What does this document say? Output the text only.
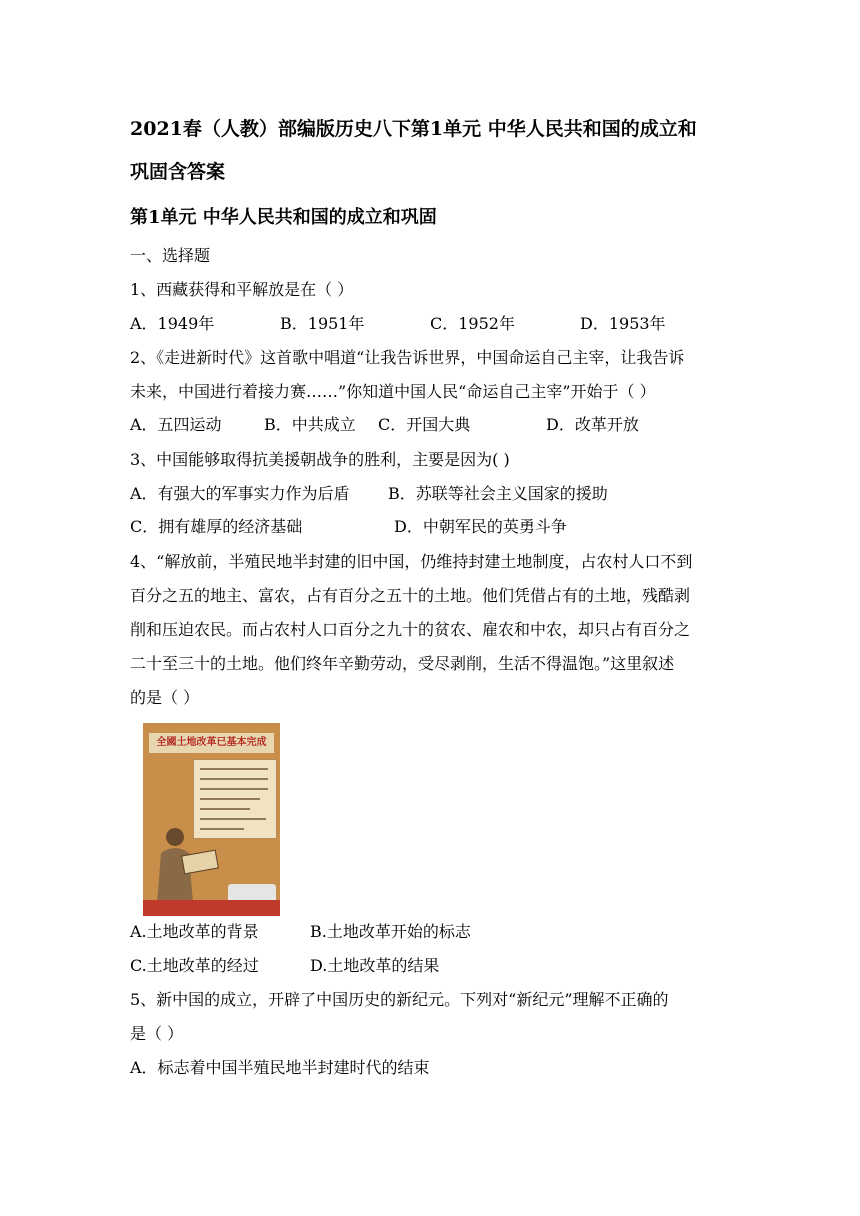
2021春（人教）部编版历史八下第1单元 中华人民共和国的成立和
巩固含答案
第1单元 中华人民共和国的成立和巩固
一、选择题
1、西藏获得和平解放是在（ ）
A．1949年	B．1951年	C．1952年	D．1953年
2、《走进新时代》这首歌中唱道“让我告诉世界，中国命运自己主宰，让我告诉
未来，中国进行着接力赛……”你知道中国人民“命运自己主宰”开始于（ ）
A．五四运动	B．中共成立 C．开国大典	D．改革开放
3、中国能够取得抗美援朝战争的胜利，主要是因为( )
A．有强大的军事实力作为后盾 B．苏联等社会主义国家的援助
C．拥有雄厚的经济基础	D．中朝军民的英勇斗争
4、“解放前，半殖民地半封建的旧中国，仍维持封建土地制度，占农村人口不到
百分之五的地主、富农，占有百分之五十的土地。他们凭借占有的土地，残酷剥
削和压迫农民。而占农村人口百分之九十的贫农、雇农和中农，却只占有百分之
二十至三十的土地。他们终年辛勤劳动，受尽剥削，生活不得温饱。”这里叙述
的是（ ）
全國土地改革已基本完成
A.土地改革的背景	B.土地改革开始的标志
C.土地改革的经过	D.土地改革的结果
5、新中国的成立，开辟了中国历史的新纪元。下列对“新纪元”理解不正确的
是（ ）
A．标志着中国半殖民地半封建时代的结束
